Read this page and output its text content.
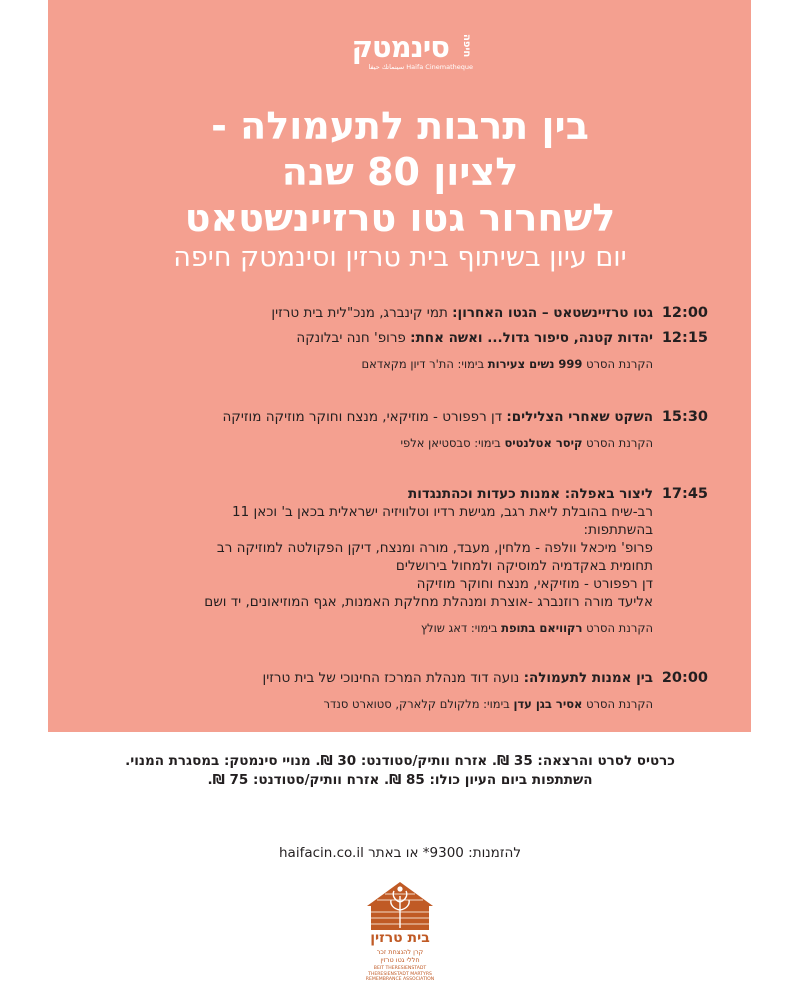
סינמטק	חיפה
سينماتك حيفا Haifa Cinematheque
בין תרבות לתעמולה -
לציון 80 שנה
לשחרור גטו טרזיינשטאט
יום עיון בשיתוף בית טרזין וסינמטק חיפה
12:00
גטו טרזיינשטאט – הגטו האחרון: תמי קינברג, מנכ"לית בית טרזין
12:15
יהדות קטנה, סיפור גדול... ואשה אחת: פרופ' חנה יבלונקה
הקרנת הסרט 999 נשים צעירות בימוי: הת'ר דיון מקאדאם
15:30
השקט שאחרי הצלילים: דן רפפורט - מוזיקאי, מנצח וחוקר מוזיקה מוזיקה
הקרנת הסרט קיסר אטלנטיס בימוי: סבסטיאן אלפי
17:45
ליצור באפלה: אמנות כעדות וכהתנגדות
רב-שיח בהובלת ליאת רגב, מגישת רדיו וטלוויזיה ישראלית בכאן ב' וכאן 11
בהשתתפות:
פרופ' מיכאל וולפה - מלחין, מעבד, מורה ומנצח, דיקן הפקולטה למוזיקה רב
תחומית באקדמיה למוסיקה ולמחול בירושלים
דן רפפורט - מוזיקאי, מנצח וחוקר מוזיקה
אליעד מורה רוזנברג -אוצרת ומנהלת מחלקת האמנות, אגף המוזיאונים, יד ושם
הקרנת הסרט רקוויאם בתופת בימוי: דאג שולץ
20:00
בין אמנות לתעמולה: נועה דוד מנהלת המרכז החינוכי של בית טרזין
הקרנת הסרט אסיר בגן עדן בימוי: מלקולם קלארק, סטוארט סנדר
כרטיס לסרט והרצאה: 35 ₪. אזרח וותיק/סטודנט: 30 ₪. מנויי סינמטק: במסגרת המנוי.
השתתפות ביום העיון כולו: 85 ₪. אזרח וותיק/סטודנט: 75 ₪.
להזמנות: 9300* או באתר haifacin.co.il
בית טרזין
קרן להנצחת זכר
חללי גטו טרזין
BEIT THERESIENSTADT
THERESIENSTADT MARTYRS
REMEMBRANCE ASSOCIATION
